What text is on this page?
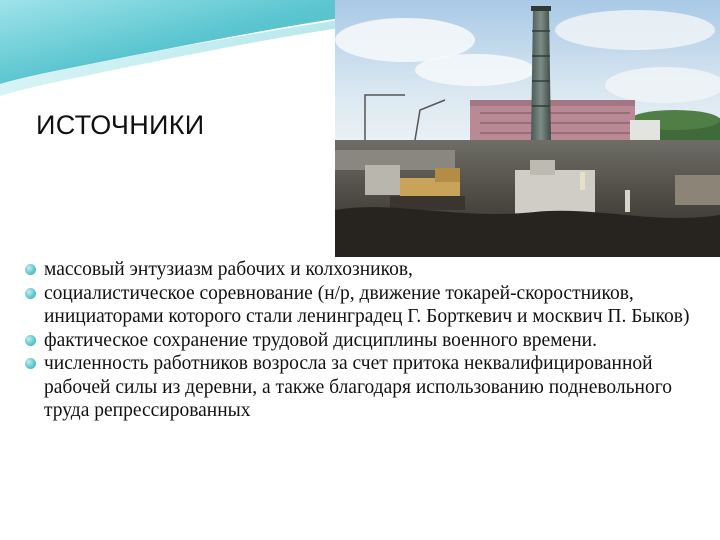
ИСТОЧНИКИ
массовый энтузиазм рабочих и колхозников,
социалистическое соревнование (н/р, движение токарей-скоростников, инициаторами которого стали ленинградец Г. Борткевич и москвич П. Быков)
фактическое сохранение трудовой дисциплины военного времени.
численность работников возросла за счет притока неквалифицированной рабочей силы из деревни, а также благодаря использованию подневольного труда репрессированных
